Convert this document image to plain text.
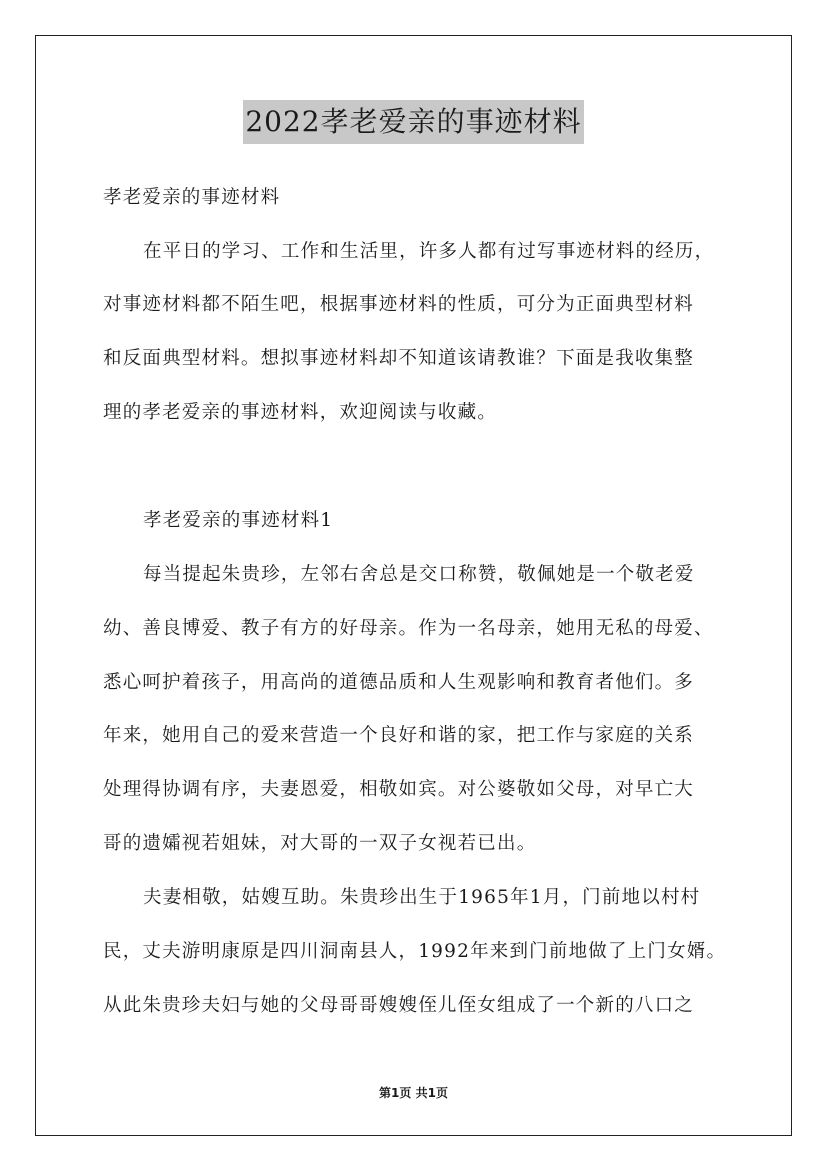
2022孝老爱亲的事迹材料
孝老爱亲的事迹材料
在平日的学习、工作和生活里，许多人都有过写事迹材料的经历，
对事迹材料都不陌生吧，根据事迹材料的性质，可分为正面典型材料
和反面典型材料。想拟事迹材料却不知道该请教谁？下面是我收集整
理的孝老爱亲的事迹材料，欢迎阅读与收藏。
孝老爱亲的事迹材料1
每当提起朱贵珍，左邻右舍总是交口称赞，敬佩她是一个敬老爱
幼、善良博爱、教子有方的好母亲。作为一名母亲，她用无私的母爱、
悉心呵护着孩子，用高尚的道德品质和人生观影响和教育者他们。多
年来，她用自己的爱来营造一个良好和谐的家，把工作与家庭的关系
处理得协调有序，夫妻恩爱，相敬如宾。对公婆敬如父母，对早亡大
哥的遗孀视若姐妹，对大哥的一双子女视若已出。
夫妻相敬，姑嫂互助。朱贵珍出生于1965年1月，门前地以村村
民，丈夫游明康原是四川洞南县人，1992年来到门前地做了上门女婿。
从此朱贵珍夫妇与她的父母哥哥嫂嫂侄儿侄女组成了一个新的八口之
第1页 共1页
